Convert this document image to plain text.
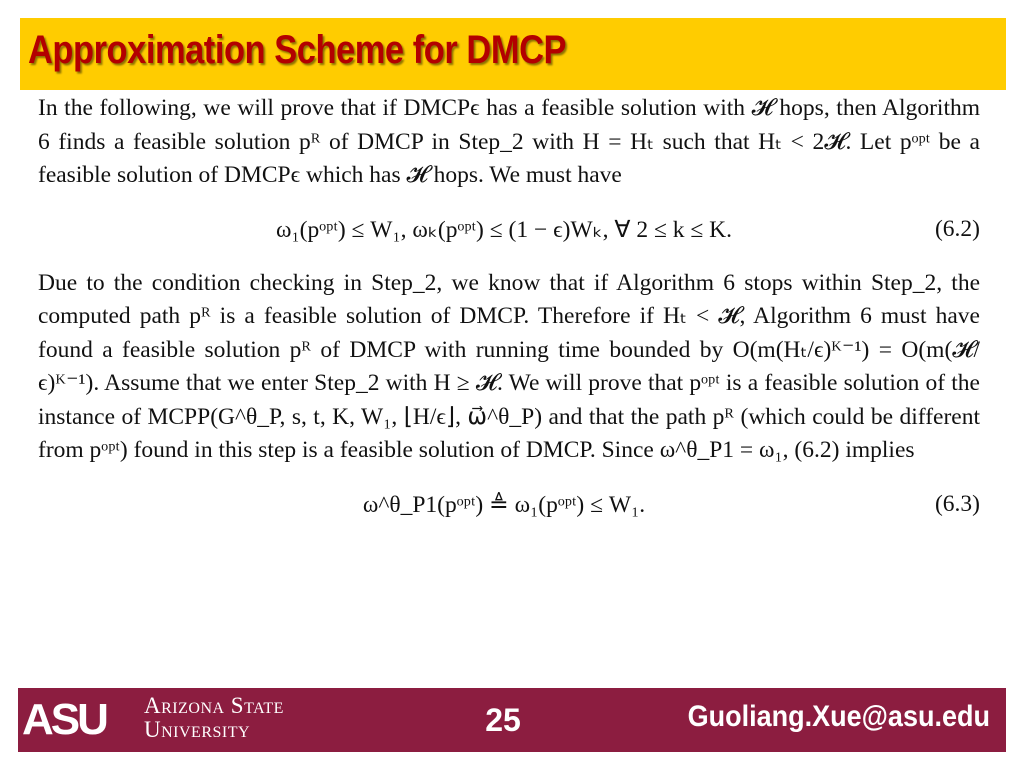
Approximation Scheme for DMCP

In the following, we will prove that if DMCPϵ has a feasible solution with 𝓗 hops, then Algorithm 6 finds a feasible solution pᴿ of DMCP in Step_2 with H = Hₜ such that Hₜ < 2𝓗. Let pᵒᵖᵗ be a feasible solution of DMCPϵ which has 𝓗 hops. We must have

ω₁(pᵒᵖᵗ) ≤ W₁, ωₖ(pᵒᵖᵗ) ≤ (1 − ϵ)Wₖ, ∀ 2 ≤ k ≤ K.	(6.2)

Due to the condition checking in Step_2, we know that if Algorithm 6 stops within Step_2, the computed path pᴿ is a feasible solution of DMCP. Therefore if Hₜ < 𝓗, Algorithm 6 must have found a feasible solution pᴿ of DMCP with running time bounded by O(m(Hₜ/ϵ)ᴷ⁻¹) = O(m(𝓗/ϵ)ᴷ⁻¹). Assume that we enter Step_2 with H ≥ 𝓗. We will prove that pᵒᵖᵗ is a feasible solution of the instance of MCPP(G^θ_P, s, t, K, W₁, ⌊H/ϵ⌋, ω⃗^θ_P) and that the path pᴿ (which could be different from pᵒᵖᵗ) found in this step is a feasible solution of DMCP. Since ω^θ_P1 = ω₁, (6.2) implies

ω^θ_P1(pᵒᵖᵗ) ≜ ω₁(pᵒᵖᵗ) ≤ W₁.	(6.3)
ASU	Arizona State
University	25	Guoliang.Xue@asu.edu
